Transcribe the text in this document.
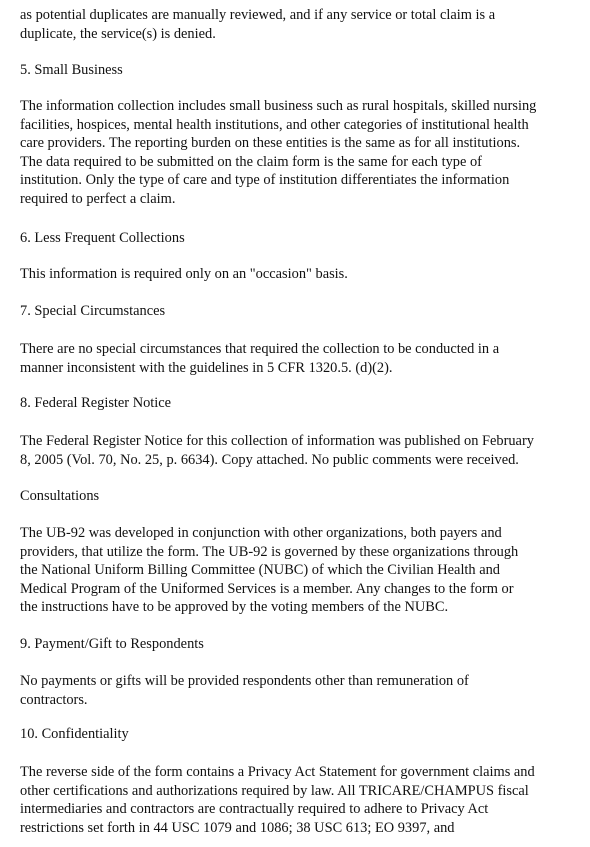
as potential duplicates are manually reviewed, and if any service or total claim is a
duplicate, the service(s) is denied.
5. Small Business
The information collection includes small business such as rural hospitals, skilled nursing
facilities, hospices, mental health institutions, and other categories of institutional health
care providers. The reporting burden on these entities is the same as for all institutions.
The data required to be submitted on the claim form is the same for each type of
institution. Only the type of care and type of institution differentiates the information
required to perfect a claim.
6. Less Frequent Collections
This information is required only on an "occasion" basis.
7. Special Circumstances
There are no special circumstances that required the collection to be conducted in a
manner inconsistent with the guidelines in 5 CFR 1320.5. (d)(2).
8. Federal Register Notice
The Federal Register Notice for this collection of information was published on February
8, 2005 (Vol. 70, No. 25, p. 6634). Copy attached. No public comments were received.
Consultations
The UB-92 was developed in conjunction with other organizations, both payers and
providers, that utilize the form. The UB-92 is governed by these organizations through
the National Uniform Billing Committee (NUBC) of which the Civilian Health and
Medical Program of the Uniformed Services is a member. Any changes to the form or
the instructions have to be approved by the voting members of the NUBC.
9. Payment/Gift to Respondents
No payments or gifts will be provided respondents other than remuneration of
contractors.
10. Confidentiality
The reverse side of the form contains a Privacy Act Statement for government claims and
other certifications and authorizations required by law. All TRICARE/CHAMPUS fiscal
intermediaries and contractors are contractually required to adhere to Privacy Act
restrictions set forth in 44 USC 1079 and 1086; 38 USC 613; EO 9397, and
